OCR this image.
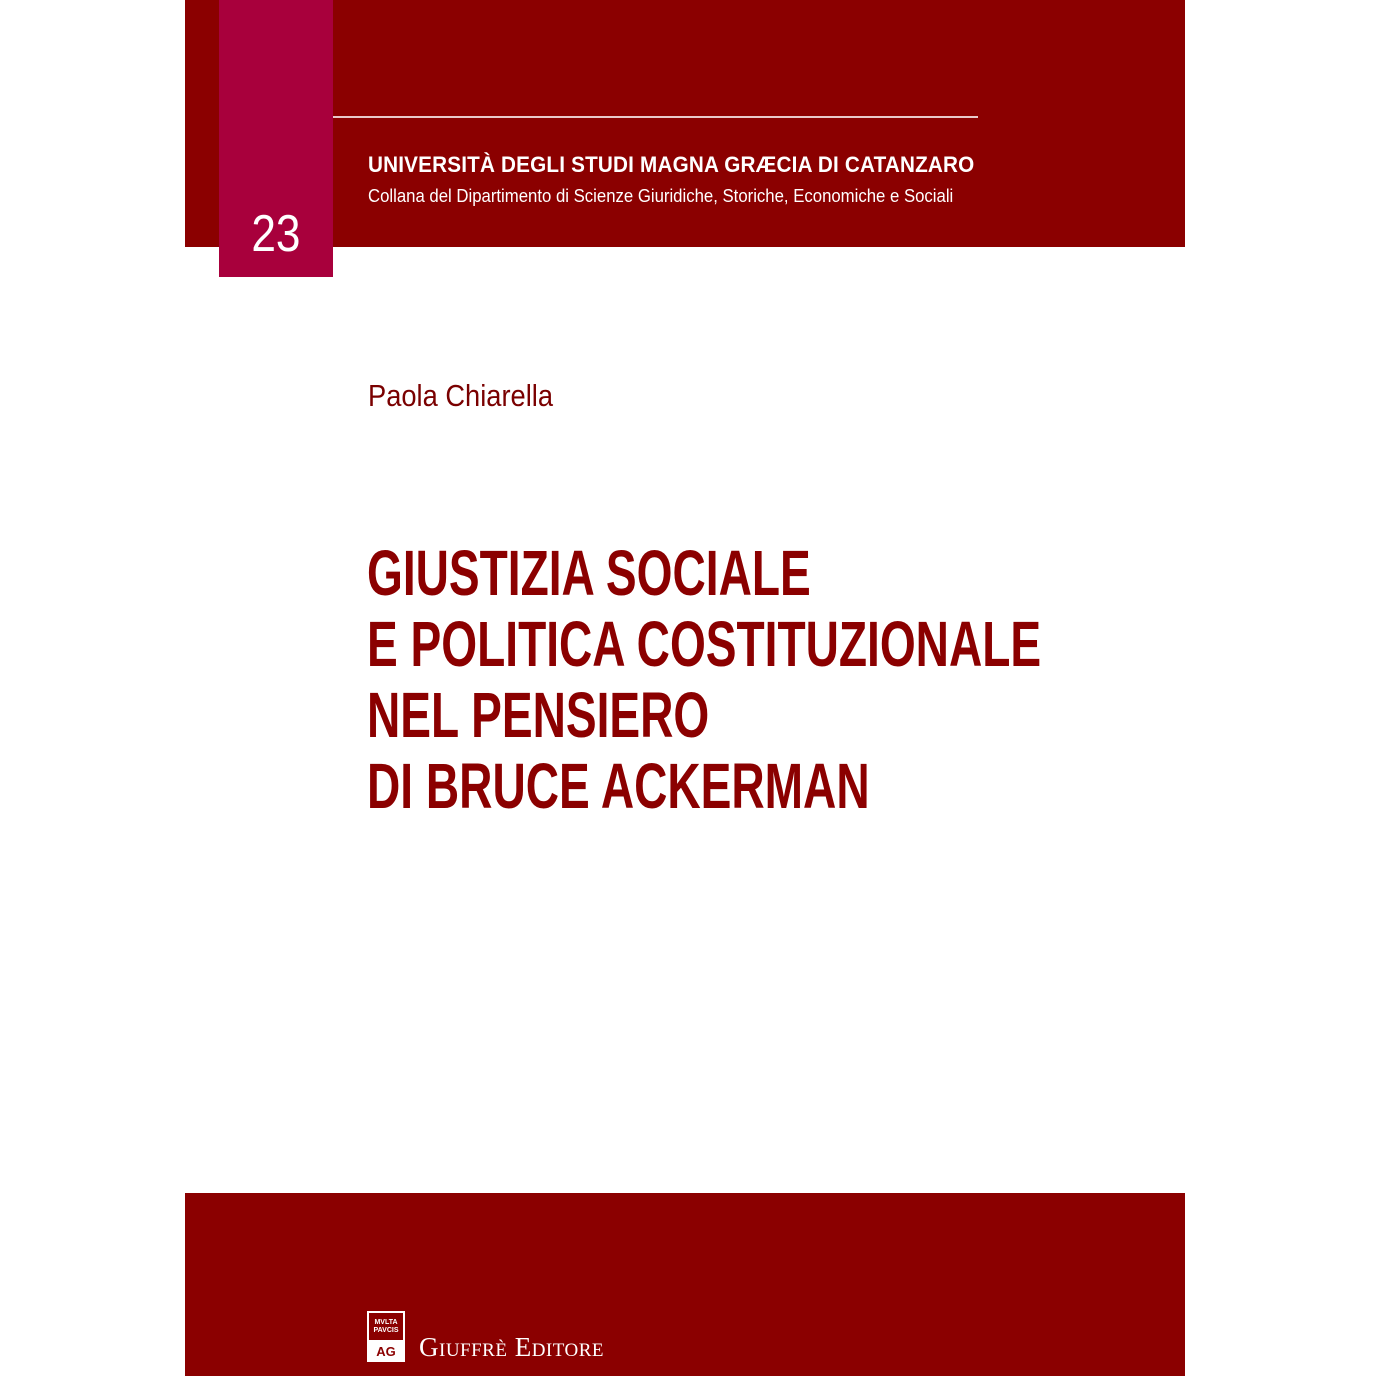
23
UNIVERSITÀ DEGLI STUDI MAGNA GRÆCIA DI CATANZARO
Collana del Dipartimento di Scienze Giuridiche, Storiche, Economiche e Sociali
Paola Chiarella
GIUSTIZIA SOCIALE
E POLITICA COSTITUZIONALE
NEL PENSIERO
DI BRUCE ACKERMAN
MVLTA
PAVCIS
AG Giuffrè Editore
